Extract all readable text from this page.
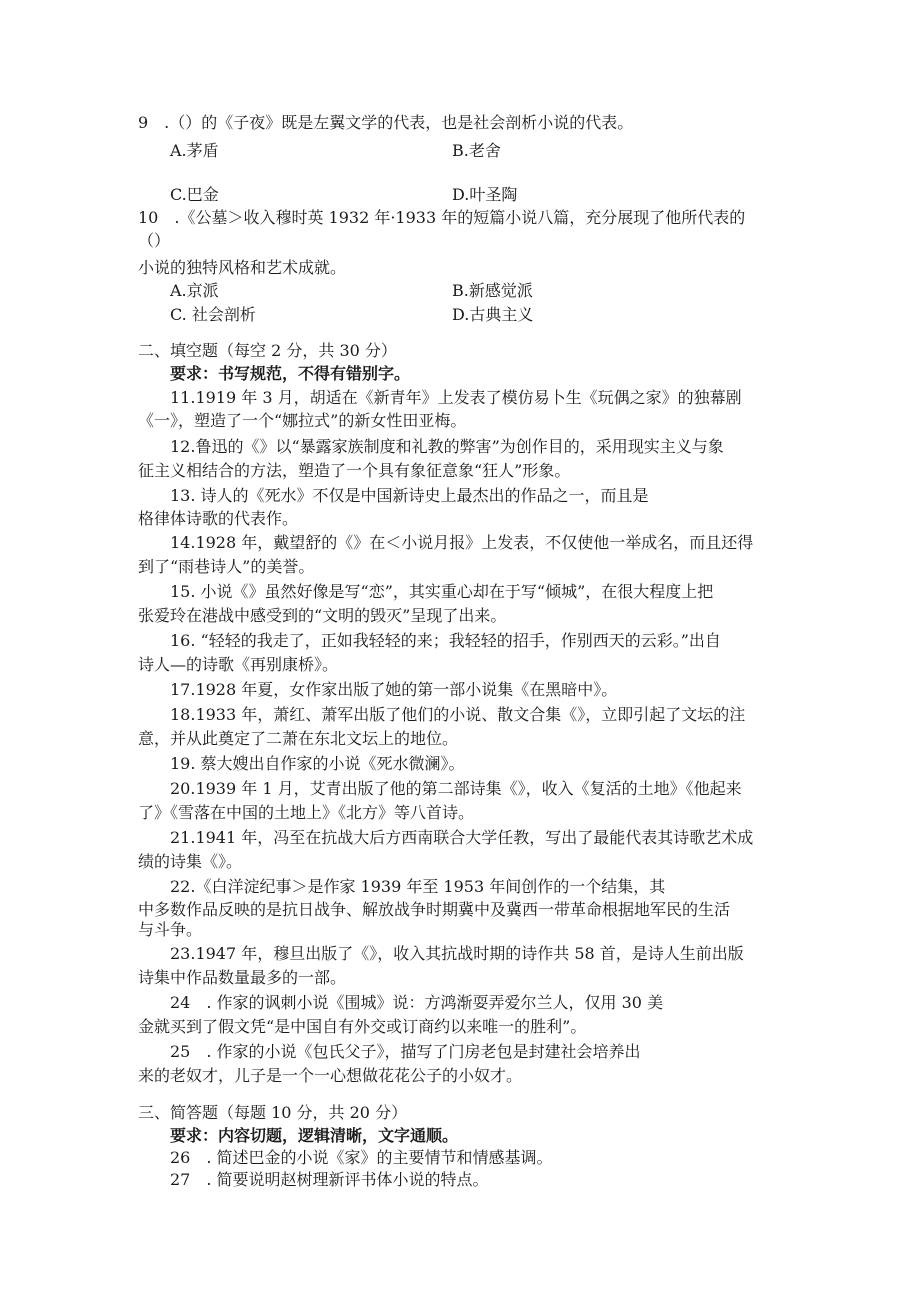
9　.（）的《子夜》既是左翼文学的代表，也是社会剖析小说的代表。
A.茅盾	B.老舍
C.巴金	D.叶圣陶
10　.《公墓＞收入穆时英 1932 年·1933 年的短篇小说八篇，充分展现了他所代表的
（）
小说的独特风格和艺术成就。
A.京派	B.新感觉派
C. 社会剖析	D.古典主义
二、填空题（每空 2 分，共 30 分）
要求：书写规范，不得有错别字。
11.1919 年 3 月，胡适在《新青年》上发表了模仿易卜生《玩偶之家》的独幕剧
《一》，塑造了一个“娜拉式”的新女性田亚梅。
12.鲁迅的《》以“暴露家族制度和礼教的弊害”为创作目的，采用现实主义与象
征主义相结合的方法，塑造了一个具有象征意象“狂人”形象。
13. 诗人的《死水》不仅是中国新诗史上最杰出的作品之一，而且是
格律体诗歌的代表作。
14.1928 年，戴望舒的《》在＜小说月报》上发表，不仅使他一举成名，而且还得
到了“雨巷诗人”的美誉。
15. 小说《》虽然好像是写“恋”，其实重心却在于写“倾城”，在很大程度上把
张爱玲在港战中感受到的“文明的毁灭”呈现了出来。
16. “轻轻的我走了，正如我轻轻的来；我轻轻的招手，作别西天的云彩。”出自
诗人—的诗歌《再别康桥》。
17.1928 年夏，女作家出版了她的第一部小说集《在黑暗中》。
18.1933 年，萧红、萧军出版了他们的小说、散文合集《》，立即引起了文坛的注
意，并从此奠定了二萧在东北文坛上的地位。
19. 蔡大嫂出自作家的小说《死水微澜》。
20.1939 年 1 月，艾青出版了他的第二部诗集《》，收入《复活的土地》《他起来
了》《雪落在中国的土地上》《北方》等八首诗。
21.1941 年，冯至在抗战大后方西南联合大学任教，写出了最能代表其诗歌艺术成
绩的诗集《》。
22.《白洋淀纪事＞是作家 1939 年至 1953 年间创作的一个结集，其
中多数作品反映的是抗日战争、解放战争时期冀中及冀西一带革命根据地军民的生活
与斗争。
23.1947 年，穆旦出版了《》，收入其抗战时期的诗作共 58 首，是诗人生前出版
诗集中作品数量最多的一部。
24　. 作家的讽刺小说《围城》说：方鸿渐耍弄爱尔兰人，仅用 30 美
金就买到了假文凭“是中国自有外交或订商约以来唯一的胜利”。
25　. 作家的小说《包氏父子》，描写了门房老包是封建社会培养出
来的老奴才，儿子是一个一心想做花花公子的小奴才。
三、简答题（每题 10 分，共 20 分）
要求：内容切题，逻辑清晰，文字通顺。
26　. 简述巴金的小说《家》的主要情节和情感基调。
27　. 简要说明赵树理新评书体小说的特点。
